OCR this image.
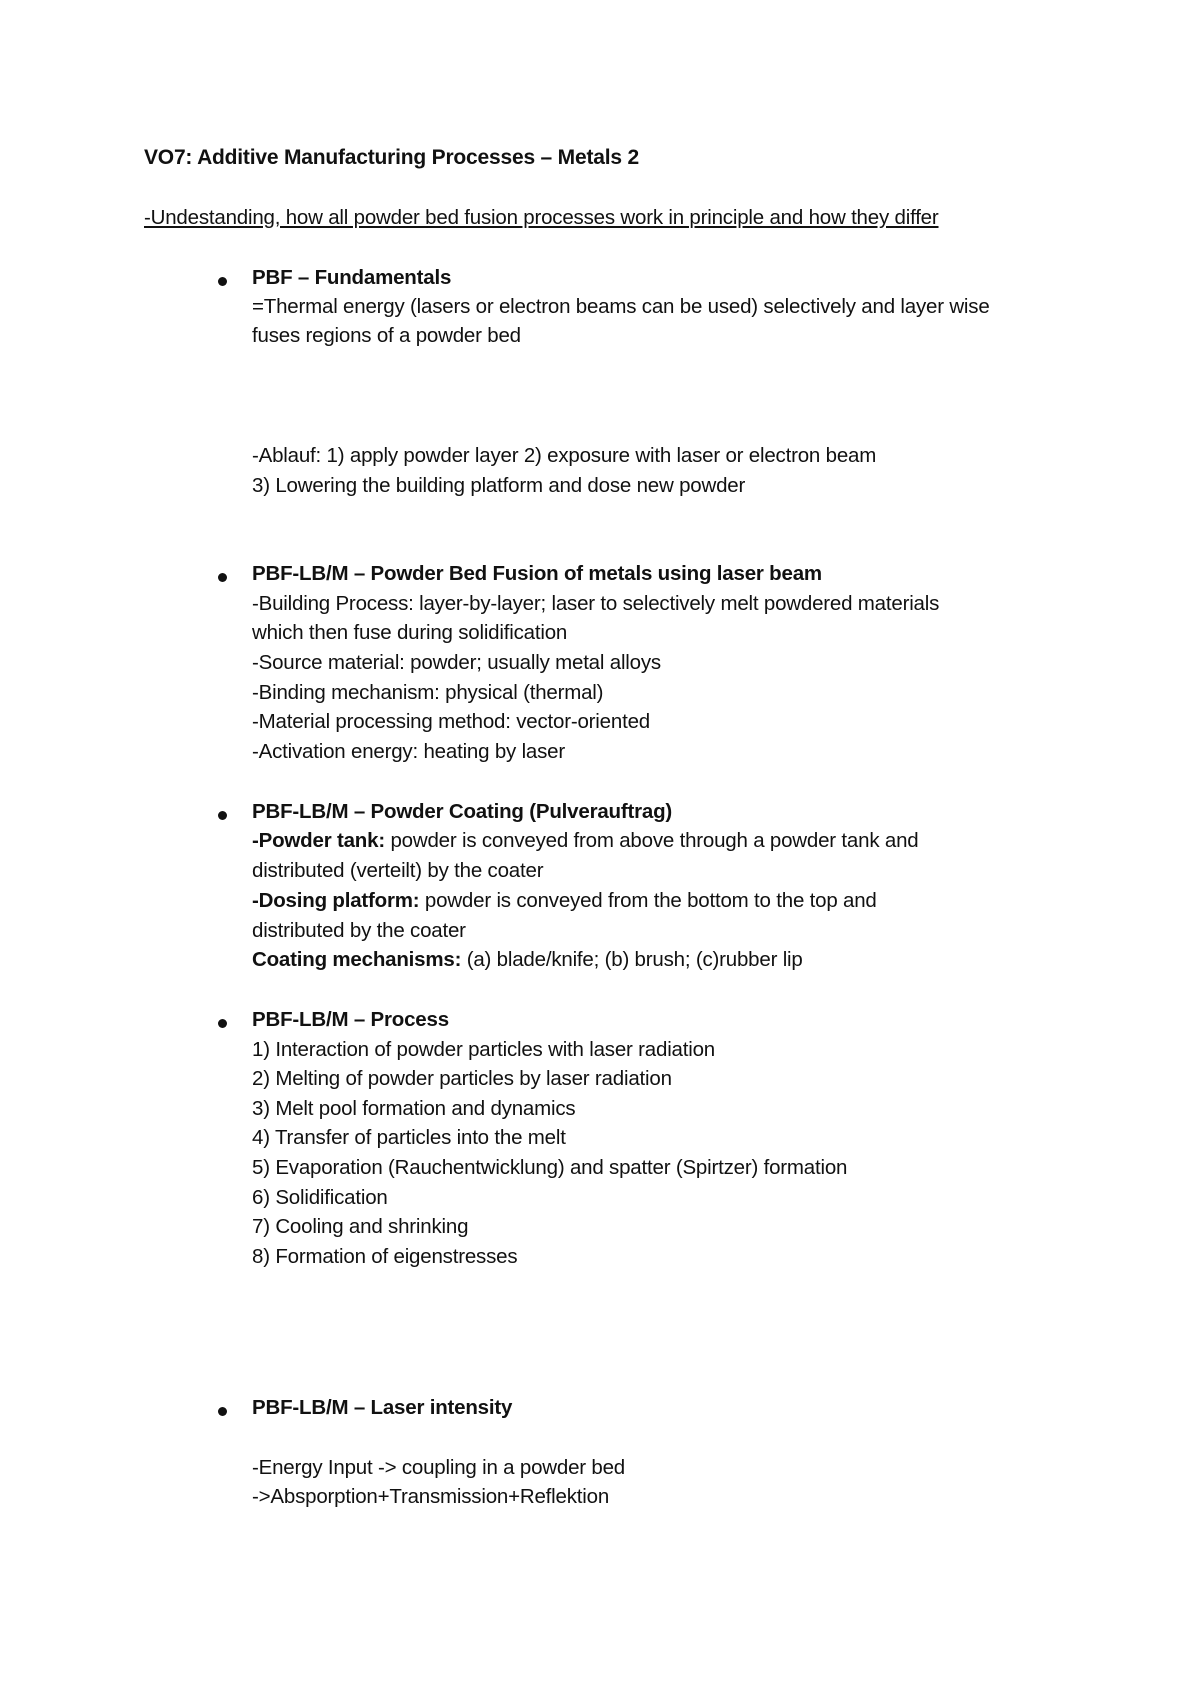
VO7: Additive Manufacturing Processes – Metals 2
-Undestanding, how all powder bed fusion processes work in principle and how they differ
PBF – Fundamentals
=Thermal energy (lasers or electron beams can be used) selectively and layer wise
fuses regions of a powder bed
-Ablauf: 1) apply powder layer 2) exposure with laser or electron beam
3) Lowering the building platform and dose new powder
PBF-LB/M – Powder Bed Fusion of metals using laser beam
-Building Process: layer-by-layer; laser to selectively melt powdered materials
which then fuse during solidification
-Source material: powder; usually metal alloys
-Binding mechanism: physical (thermal)
-Material processing method: vector-oriented
-Activation energy: heating by laser
PBF-LB/M – Powder Coating (Pulverauftrag)
-Powder tank: powder is conveyed from above through a powder tank and
distributed (verteilt) by the coater
-Dosing platform: powder is conveyed from the bottom to the top and
distributed by the coater
Coating mechanisms: (a) blade/knife; (b) brush; (c)rubber lip
PBF-LB/M – Process
1) Interaction of powder particles with laser radiation
2) Melting of powder particles by laser radiation
3) Melt pool formation and dynamics
4) Transfer of particles into the melt
5) Evaporation (Rauchentwicklung) and spatter (Spirtzer) formation
6) Solidification
7) Cooling and shrinking
8) Formation of eigenstresses
PBF-LB/M – Laser intensity
-Energy Input -> coupling in a powder bed
->Absporption+Transmission+Reflektion
